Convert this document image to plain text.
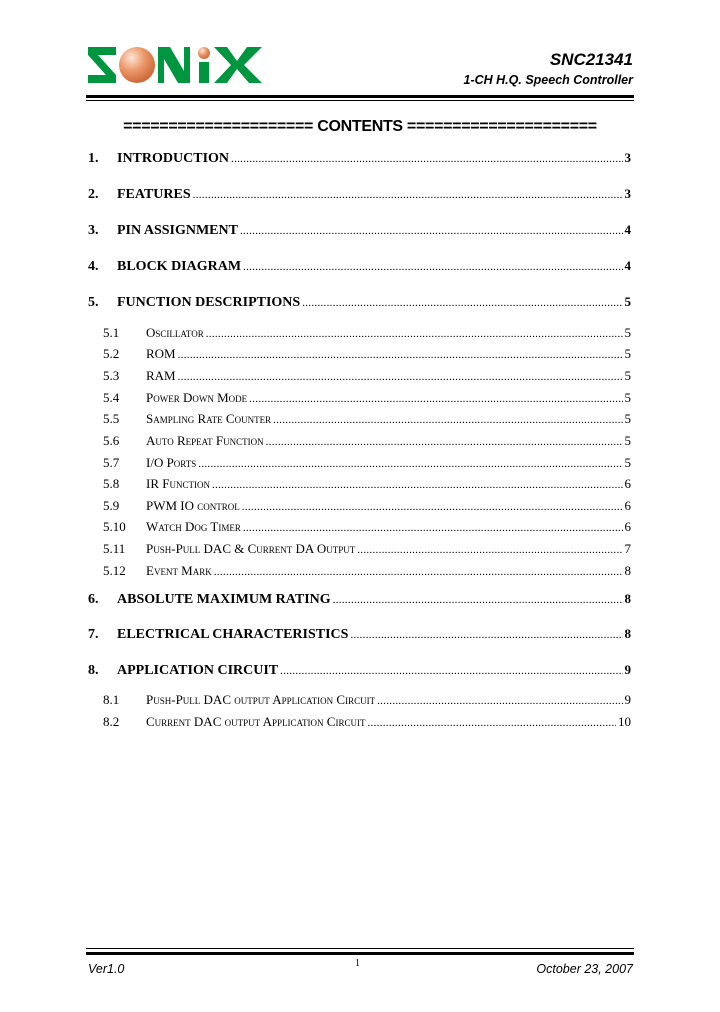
SNC21341
1-CH H.Q. Speech Controller
===================== CONTENTS =====================
1.	INTRODUCTION .....	3
2.	FEATURES .....	3
3.	PIN ASSIGNMENT .....	4
4.	BLOCK DIAGRAM .....	4
5.	FUNCTION DESCRIPTIONS .....	5
5.1	Oscillator .....	5
5.2	ROM .....	5
5.3	RAM .....	5
5.4	Power Down Mode .....	5
5.5	Sampling Rate Counter .....	5
5.6	Auto Repeat Function .....	5
5.7	I/O Ports .....	5
5.8	IR Function .....	6
5.9	PWM IO control .....	6
5.10	Watch Dog Timer .....	6
5.11	Push-Pull DAC & Current DA Output .....	7
5.12	Event Mark .....	8
6.	ABSOLUTE MAXIMUM RATING .....	8
7.	ELECTRICAL CHARACTERISTICS .....	8
8.	APPLICATION CIRCUIT .....	9
8.1	Push-Pull DAC output Application Circuit .....	9
8.2	Current DAC output Application Circuit .....	10
Ver1.0	1	October 23, 2007
